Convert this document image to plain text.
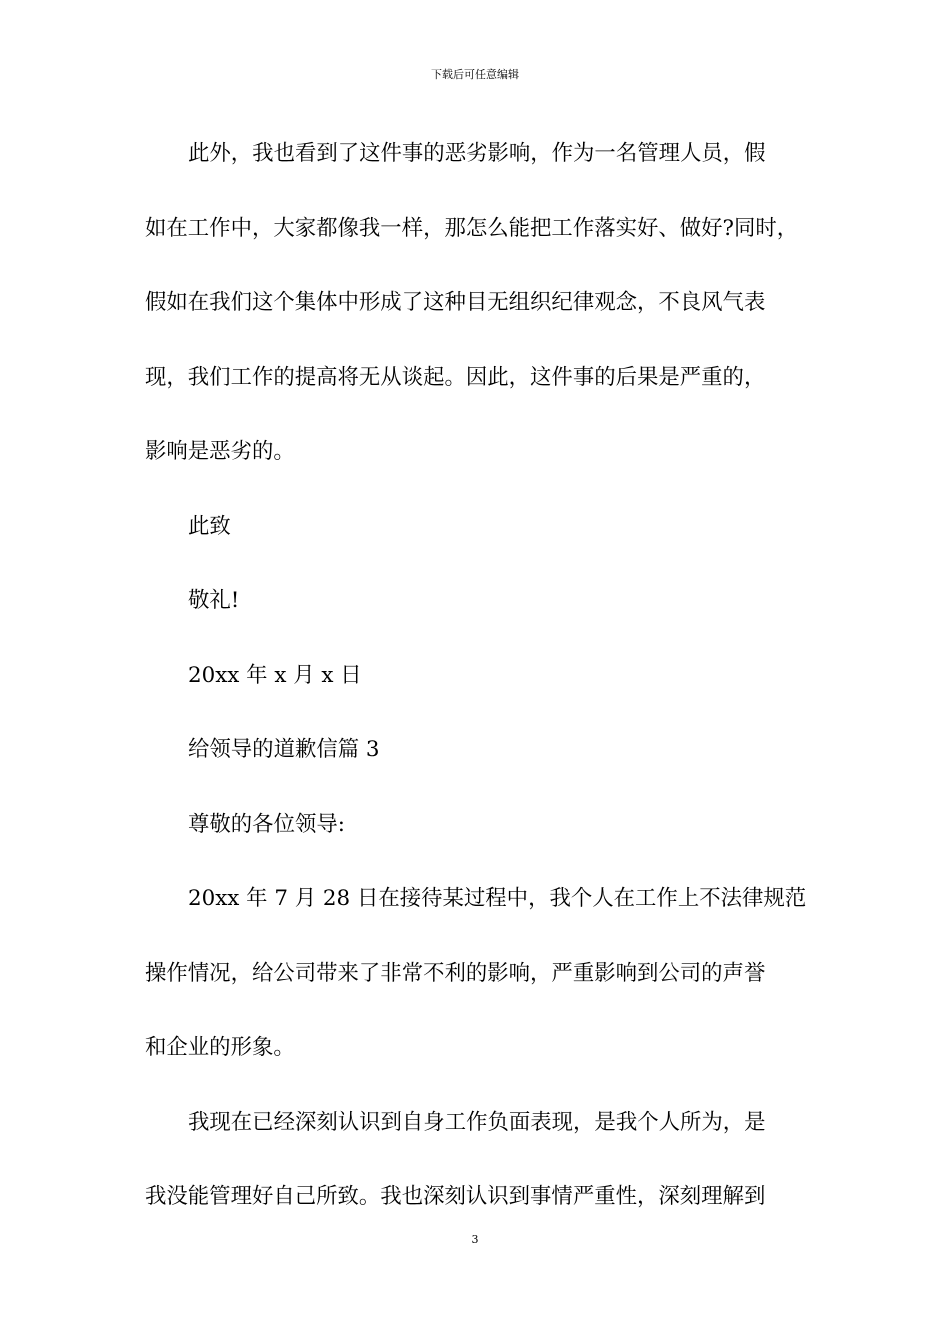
下载后可任意编辑
此外，我也看到了这件事的恶劣影响，作为一名管理人员，假
如在工作中，大家都像我一样，那怎么能把工作落实好、做好?同时，
假如在我们这个集体中形成了这种目无组织纪律观念，不良风气表
现，我们工作的提高将无从谈起。因此，这件事的后果是严重的，
影响是恶劣的。
此致
敬礼!
20xx 年 x 月 x 日
给领导的道歉信篇 3
尊敬的各位领导:
20xx 年 7 月 28 日在接待某过程中，我个人在工作上不法律规范
操作情况，给公司带来了非常不利的影响，严重影响到公司的声誉
和企业的形象。
我现在已经深刻认识到自身工作负面表现，是我个人所为，是
我没能管理好自己所致。我也深刻认识到事情严重性，深刻理解到
3
